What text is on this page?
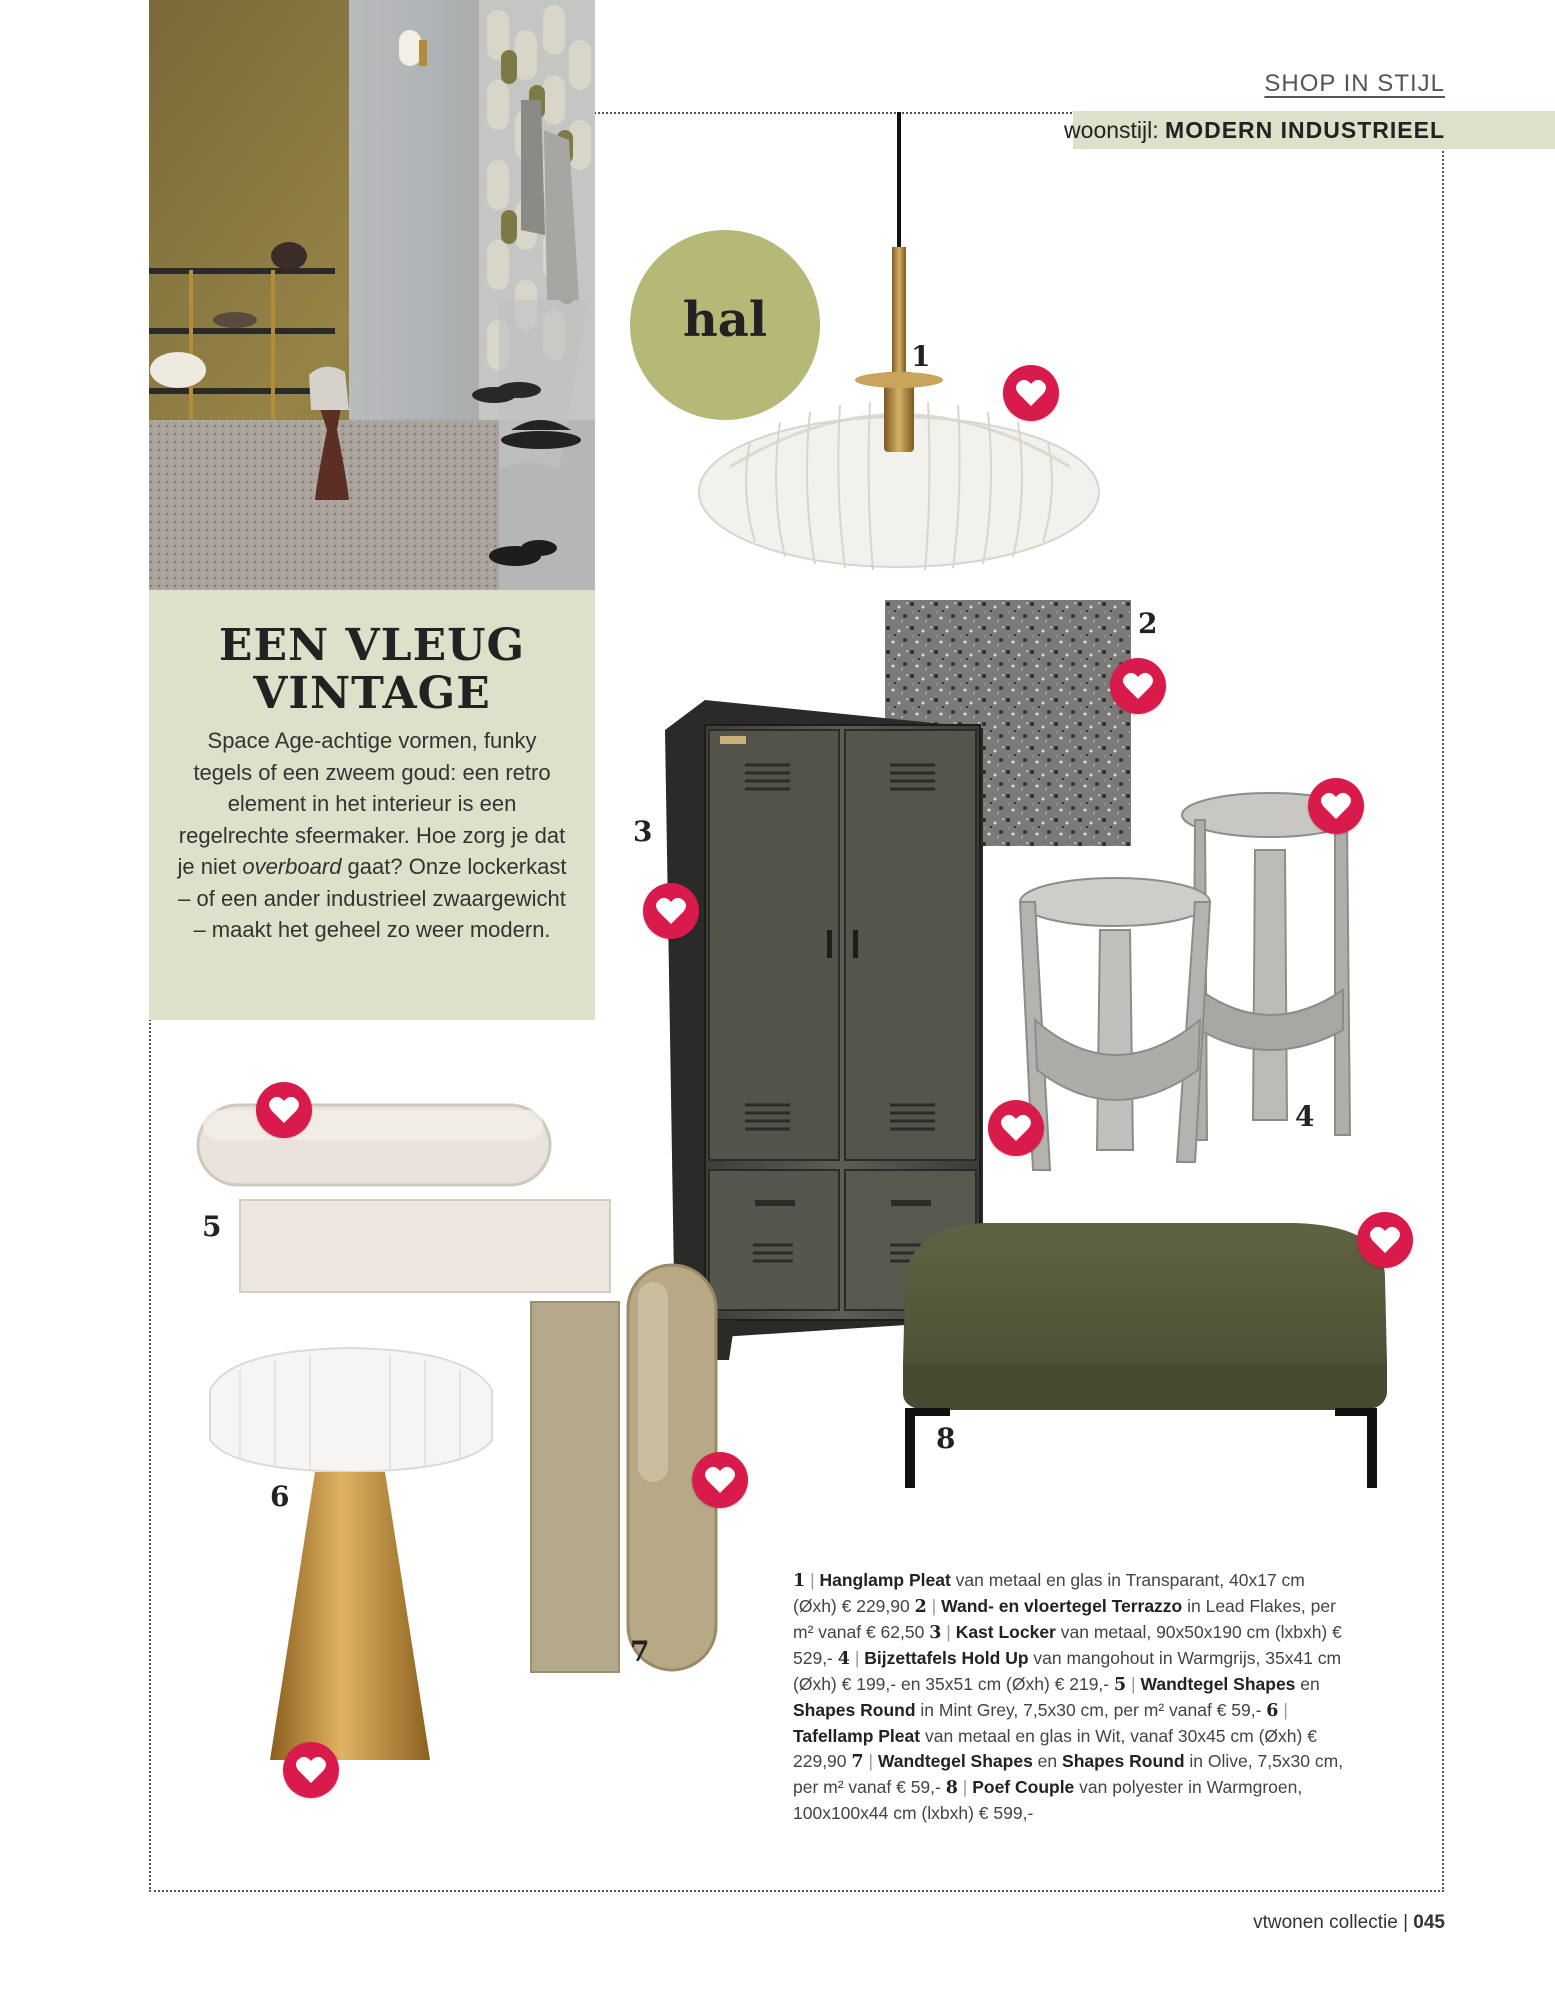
SHOP IN STIJL
woonstijl: MODERN INDUSTRIEEL
EEN VLEUG
VINTAGE

Space Age-achtige vormen, funky tegels of een zweem goud: een retro element in het interieur is een regelrechte sfeermaker. Hoe zorg je dat je niet overboard gaat? Onze lockerkast – of een ander industrieel zwaargewicht – maakt het geheel zo weer modern.

hal
1
2
3
4
5
6
7
8
1 | Hanglamp Pleat van metaal en glas in Transparant, 40x17 cm (Øxh) € 229,90 2 | Wand- en vloertegel Terrazzo in Lead Flakes, per m² vanaf € 62,50 3 | Kast Locker van metaal, 90x50x190 cm (lxbxh) € 529,- 4 | Bijzettafels Hold Up van mangohout in Warmgrijs, 35x41 cm (Øxh) € 199,- en 35x51 cm (Øxh) € 219,- 5 | Wandtegel Shapes en Shapes Round in Mint Grey, 7,5x30 cm, per m² vanaf € 59,- 6 | Tafellamp Pleat van metaal en glas in Wit, vanaf 30x45 cm (Øxh) € 229,90 7 | Wandtegel Shapes en Shapes Round in Olive, 7,5x30 cm, per m² vanaf € 59,- 8 | Poef Couple van polyester in Warmgroen, 100x100x44 cm (lxbxh) € 599,-
vtwonen collectie | 045
